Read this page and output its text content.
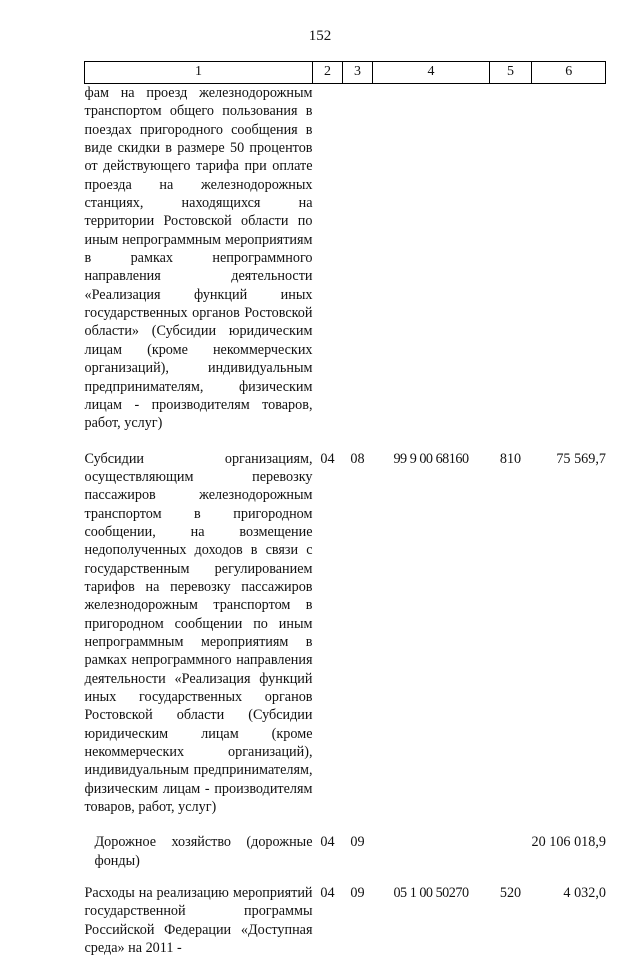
152
1	2	3	4	5	6
фам на проезд железнодорожным транспортом общего пользования в поездах пригородного сообщения в виде скидки в размере 50 процентов от действующего тарифа при оплате проезда на железнодорожных станциях, находящихся на территории Ростовской области по иным непрограммным мероприятиям в рамках непрограммного направления деятельности «Реализация функций иных государственных органов Ростовской области» (Субсидии юридическим лицам (кроме некоммерческих организаций), индивидуальным предпринимателям, физическим лицам - производителям товаров, работ, услуг)					
Субсидии организациям, осуществляющим перевозку пассажиров железнодорожным транспортом в пригородном сообщении, на возмещение недополученных доходов в связи с государственным регулированием тарифов на перевозку пассажиров железнодорожным транспортом в пригородном сообщении по иным непрограммным мероприятиям в рамках непрограммного направления деятельности «Реализация функций иных государственных органов Ростовской области (Субсидии юридическим лицам (кроме некоммерческих организаций), индивидуальным предпринимателям, физическим лицам - производителям товаров, работ, услуг)	04	08	99 9 00 68160	810	75 569,7
Дорожное хозяйство (дорожные фонды)	04	09			20 106 018,9
Расходы на реализацию мероприятий государственной программы Российской Федерации «Доступная среда» на 2011 -	04	09	05 1 00 50270	520	4 032,0
